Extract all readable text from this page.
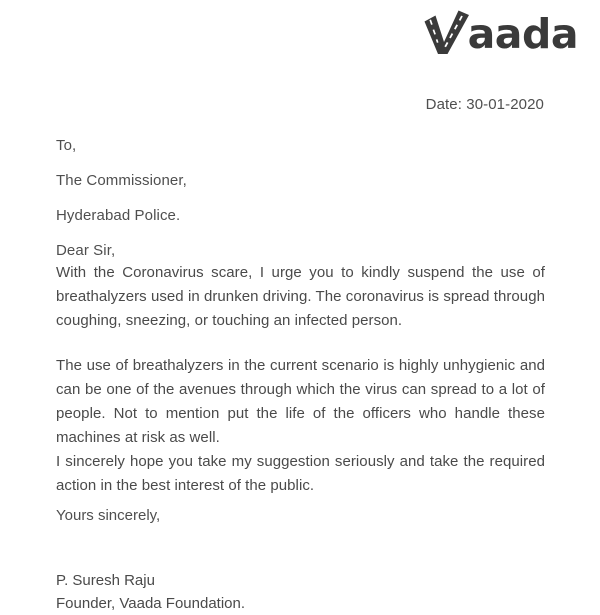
aada
Date: 30-01-2020
To,
The Commissioner,
Hyderabad Police.
Dear Sir,

With the Coronavirus scare, I urge you to kindly suspend the use of breathalyzers used in drunken driving. The coronavirus is spread through coughing, sneezing, or touching an infected person.

The use of breathalyzers in the current scenario is highly unhygienic and can be one of the avenues through which the virus can spread to a lot of people. Not to mention put the life of the officers who handle these machines at risk as well.

I sincerely hope you take my suggestion seriously and take the required action in the best interest of the public.

Yours sincerely,
P. Suresh Raju
Founder, Vaada Foundation.
